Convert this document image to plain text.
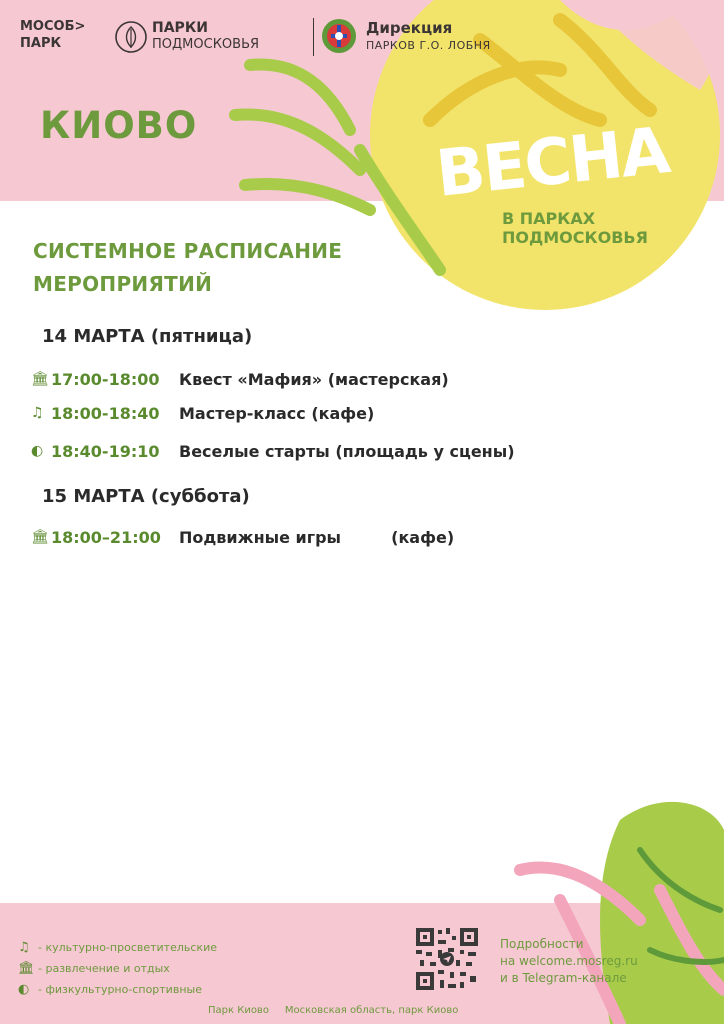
МОСОБ>
ПАРК
ПАРКИ
ПОДМОСКОВЬЯ
Дирекция
ПАРКОВ Г.О. ЛОБНЯ
КИОВО	ВЕСНА
В ПАРКАХ
ПОДМОСКОВЬЯ
СИСТЕМНОЕ РАСПИСАНИЕ
МЕРОПРИЯТИЙ
14 МАРТА (пятница)
🏛 17:00-18:00	Квест «Мафия» (мастерская)
♫ 18:00-18:40	Мастер-класс (кафе)
◐ 18:40-19:10	Веселые старты (площадь у сцены)
15 МАРТА (суббота)
🏛 18:00–21:00	Подвижные игры         (кафе)
♫ - культурно-просветительские
🏛 - развлечение и отдых
◐ - физкультурно-спортивные
Подробности
на welcome.mosreg.ru
и в Telegram-канале
Парк Киово     Московская область, парк Киово
